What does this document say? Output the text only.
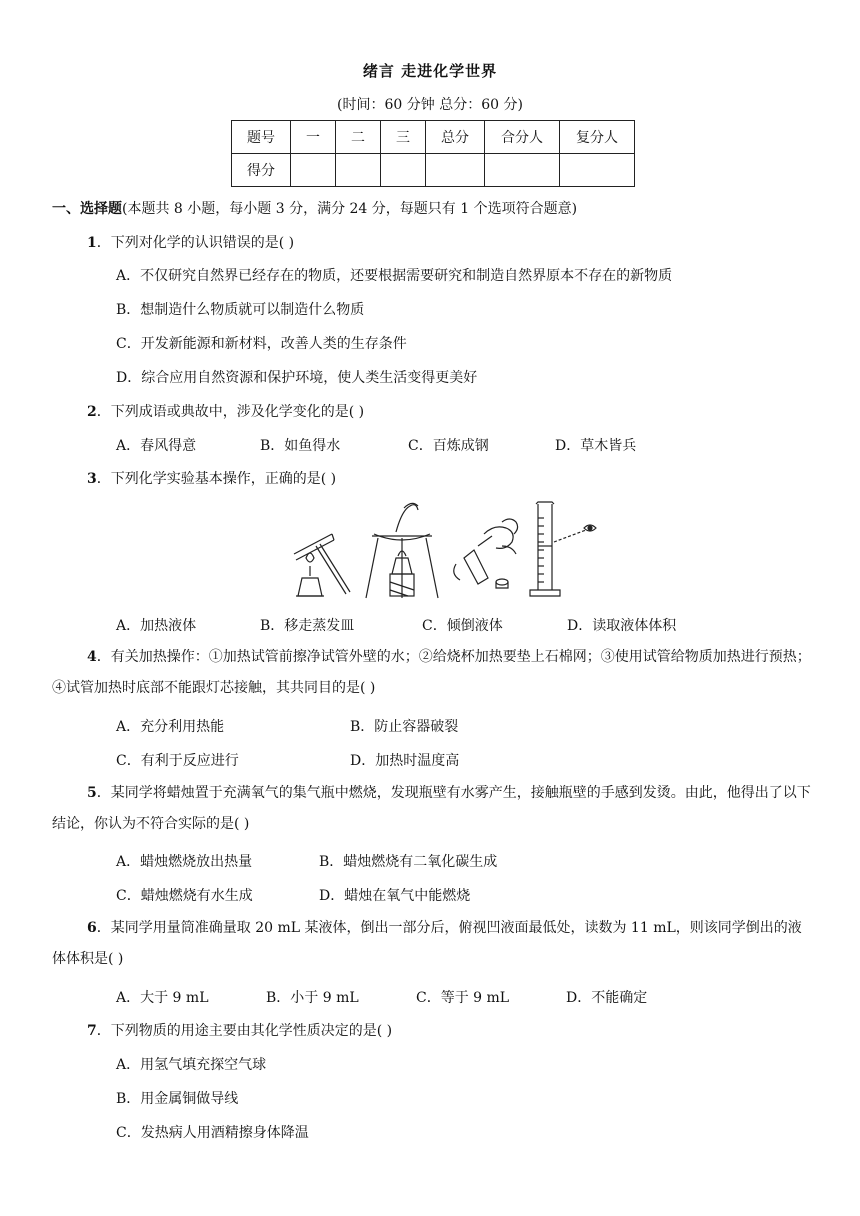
绪言 走进化学世界
(时间：60 分钟 总分：60 分)
题号	一	二	三	总分	合分人	复分人
得分						
一、选择题(本题共 8 小题，每小题 3 分，满分 24 分，每题只有 1 个选项符合题意)
1．下列对化学的认识错误的是( )
A．不仅研究自然界已经存在的物质，还要根据需要研究和制造自然界原本不存在的新物质
B．想制造什么物质就可以制造什么物质
C．开发新能源和新材料，改善人类的生存条件
D．综合应用自然资源和保护环境，使人类生活变得更美好
2．下列成语或典故中，涉及化学变化的是( )
A．春风得意	B．如鱼得水	C．百炼成钢	D．草木皆兵
3．下列化学实验基本操作，正确的是( )
A．加热液体	B．移走蒸发皿	C．倾倒液体	D．读取液体体积
4．有关加热操作：①加热试管前擦净试管外壁的水；②给烧杯加热要垫上石棉网；③使用试管给物质加热进行预热；④试管加热时底部不能跟灯芯接触，其共同目的是( )
A．充分利用热能	B．防止容器破裂
C．有利于反应进行	D．加热时温度高
5．某同学将蜡烛置于充满氧气的集气瓶中燃烧，发现瓶壁有水雾产生，接触瓶壁的手感到发烫。由此，他得出了以下结论，你认为不符合实际的是( )
A．蜡烛燃烧放出热量	B．蜡烛燃烧有二氧化碳生成
C．蜡烛燃烧有水生成	D．蜡烛在氧气中能燃烧
6．某同学用量筒准确量取 20 mL 某液体，倒出一部分后，俯视凹液面最低处，读数为 11 mL，则该同学倒出的液体体积是( )
A．大于 9 mL	B．小于 9 mL	C．等于 9 mL	D．不能确定
7．下列物质的用途主要由其化学性质决定的是( )
A．用氢气填充探空气球
B．用金属铜做导线
C．发热病人用酒精擦身体降温
